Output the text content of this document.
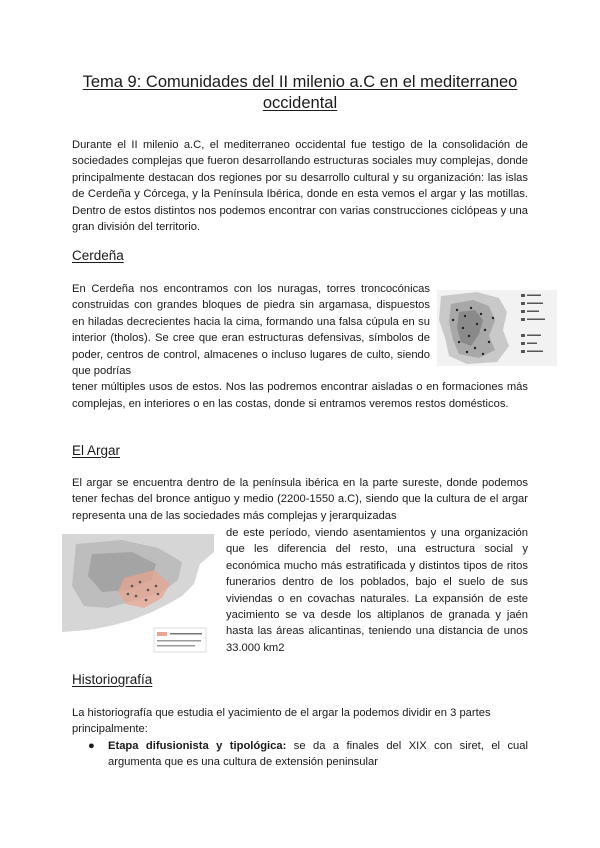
Tema 9: Comunidades del II milenio a.C en el mediterraneo occidental

Durante el II milenio a.C, el mediterraneo occidental fue testigo de la consolidación de sociedades complejas que fueron desarrollando estructuras sociales muy complejas, donde principalmente destacan dos regiones por su desarrollo cultural y su organización: las islas de Cerdeña y Córcega, y la Península Ibérica, donde en esta vemos el argar y las motillas. Dentro de estos distintos nos podemos encontrar con varias construcciones ciclópeas y una gran división del territorio.

Cerdeña

En Cerdeña nos encontramos con los nuragas, torres troncocónicas construidas con grandes bloques de piedra sin argamasa, dispuestos en hiladas decrecientes hacia la cima, formando una falsa cúpula en su interior (tholos). Se cree que eran estructuras defensivas, símbolos de poder, centros de control, almacenes o incluso lugares de culto, siendo que podrías

tener múltiples usos de estos. Nos las podremos encontrar aisladas o en formaciones más complejas, en interiores o en las costas, donde si entramos veremos restos domésticos.

El Argar

El argar se encuentra dentro de la península ibérica en la parte sureste, donde podemos tener fechas del bronce antiguo y medio (2200-1550 a.C), siendo que la cultura de el argar representa una de las sociedades más complejas y jerarquizadas

de este período, viendo asentamientos y una organización que les diferencia del resto, una estructura social y económica mucho más estratificada y distintos tipos de ritos funerarios dentro de los poblados, bajo el suelo de sus viviendas o en covachas naturales. La expansión de este yacimiento se va desde los altiplanos de granada y jaén hasta las áreas alicantinas, teniendo una distancia de unos 33.000 km2

Historiografía

La historiografía que estudia el yacimiento de el argar la podemos dividir en 3 partes principalmente:

● Etapa difusionista y tipológica: se da a finales del XIX con siret, el cual argumenta que es una cultura de extensión peninsular
